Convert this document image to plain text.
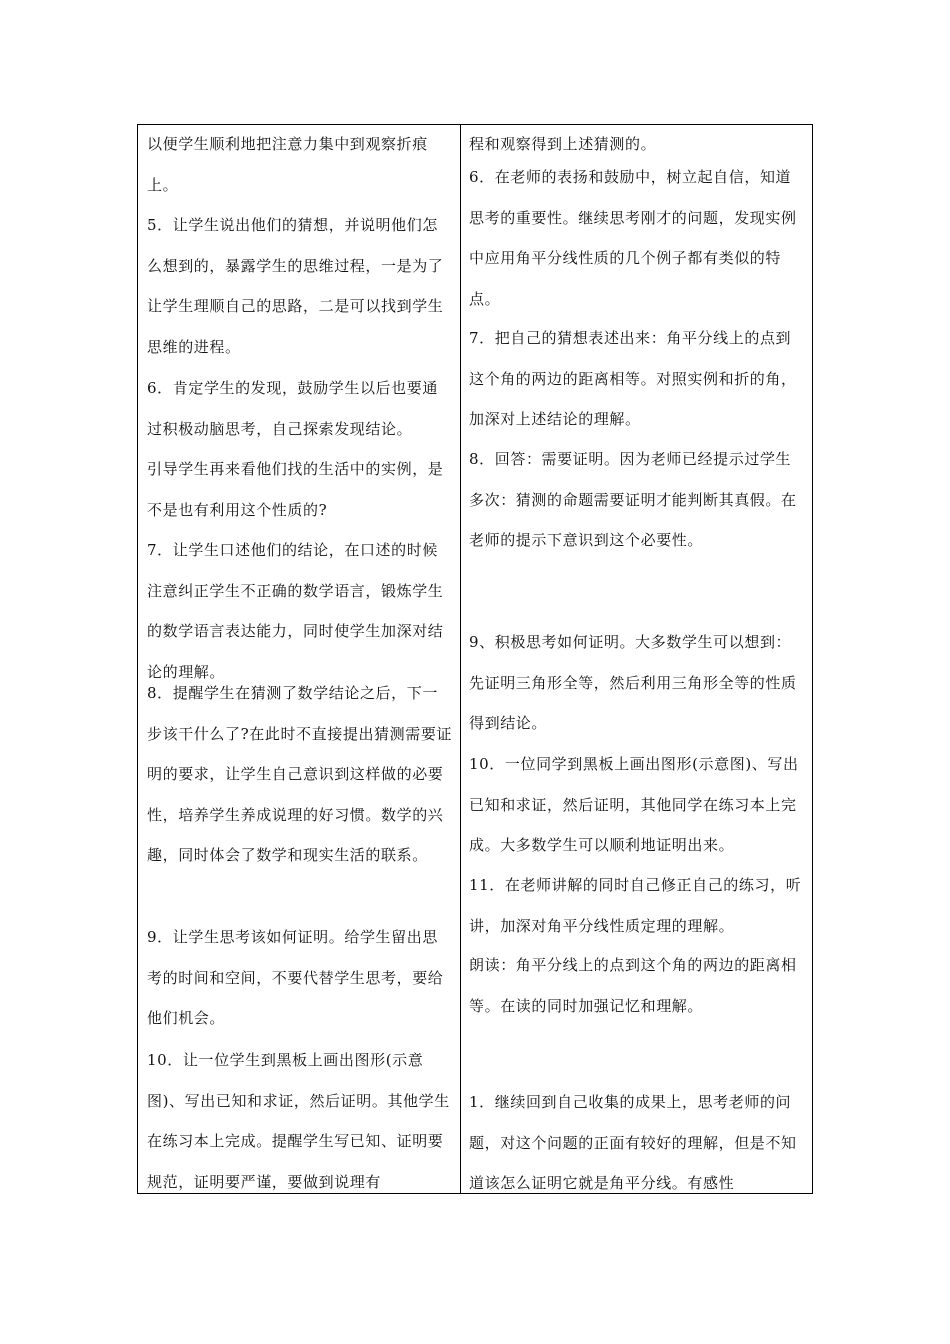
以便学生顺利地把注意力集中到观察折痕上。

5．让学生说出他们的猜想，并说明他们怎么想到的，暴露学生的思维过程，一是为了让学生理顺自己的思路，二是可以找到学生思维的进程。

6．肯定学生的发现，鼓励学生以后也要通过积极动脑思考，自己探索发现结论。

引导学生再来看他们找的生活中的实例，是不是也有利用这个性质的?

7．让学生口述他们的结论，在口述的时候注意纠正学生不正确的数学语言，锻炼学生的数学语言表达能力，同时使学生加深对结论的理解。

8．提醒学生在猜测了数学结论之后，下一步该干什么了?在此时不直接提出猜测需要证明的要求，让学生自己意识到这样做的必要性，培养学生养成说理的好习惯。数学的兴趣，同时体会了数学和现实生活的联系。

9．让学生思考该如何证明。给学生留出思考的时间和空间，不要代替学生思考，要给他们机会。

10．让一位学生到黑板上画出图形(示意图)、写出已知和求证，然后证明。其他学生在练习本上完成。提醒学生写已知、证明要规范，证明要严谨，要做到说理有

程和观察得到上述猜测的。

6．在老师的表扬和鼓励中，树立起自信，知道思考的重要性。继续思考刚才的问题，发现实例中应用角平分线性质的几个例子都有类似的特点。

7．把自己的猜想表述出来：角平分线上的点到这个角的两边的距离相等。对照实例和折的角，加深对上述结论的理解。

8．回答：需要证明。因为老师已经提示过学生多次：猜测的命题需要证明才能判断其真假。在老师的提示下意识到这个必要性。

9、积极思考如何证明。大多数学生可以想到：先证明三角形全等，然后利用三角形全等的性质得到结论。

10．一位同学到黑板上画出图形(示意图)、写出已知和求证，然后证明，其他同学在练习本上完成。大多数学生可以顺利地证明出来。

11．在老师讲解的同时自己修正自己的练习，听讲，加深对角平分线性质定理的理解。

朗读：角平分线上的点到这个角的两边的距离相等。在读的同时加强记忆和理解。

1．继续回到自己收集的成果上，思考老师的问题，对这个问题的正面有较好的理解，但是不知道该怎么证明它就是角平分线。有感性
